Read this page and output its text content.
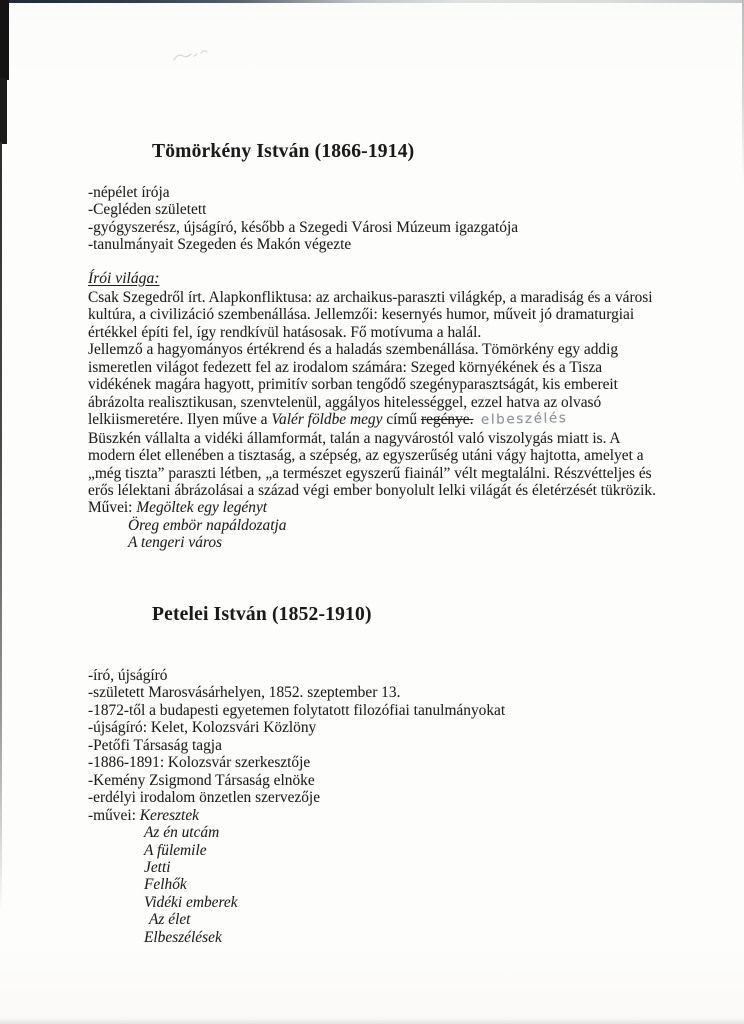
Tömörkény István (1866-1914)
-népélet írója
-Cegléden született
-gyógyszerész, újságíró, később a Szegedi Városi Múzeum igazgatója
-tanulmányait Szegeden és Makón végezte
Írói világa:
Csak Szegedről írt. Alapkonfliktusa: az archaikus-paraszti világkép, a maradiság és a városi
kultúra, a civilizáció szembenállása. Jellemzői: kesernyés humor, műveit jó dramaturgiai
értékkel építi fel, így rendkívül hatásosak. Fő motívuma a halál.
Jellemző a hagyományos értékrend és a haladás szembenállása. Tömörkény egy addig
ismeretlen világot fedezett fel az irodalom számára: Szeged környékének és a Tisza
vidékének magára hagyott, primitív sorban tengődő szegényparasztságát, kis embereit
ábrázolta realisztikusan, szenvtelenül, aggályos hitelességgel, ezzel hatva az olvasó
lelkiismeretére. Ilyen műve a Valér földbe megy című regénye. elbeszélés
Büszkén vállalta a vidéki államformát, talán a nagyvárostól való viszolygás miatt is. A
modern élet ellenében a tisztaság, a szépség, az egyszerűség utáni vágy hajtotta, amelyet a
„még tiszta” paraszti létben, „a természet egyszerű fiainál” vélt megtalálni. Részvétteljes és
erős lélektani ábrázolásai a század végi ember bonyolult lelki világát és életérzését tükrözik.
Művei: Megöltek egy legényt
Öreg embör napáldozatja
A tengeri város
Petelei István (1852-1910)
-író, újságíró
-született Marosvásárhelyen, 1852. szeptember 13.
-1872-től a budapesti egyetemen folytatott filozófiai tanulmányokat
-újságíró: Kelet, Kolozsvári Közlöny
-Petőfi Társaság tagja
-1886-1891: Kolozsvár szerkesztője
-Kemény Zsigmond Társaság elnöke
-erdélyi irodalom önzetlen szervezője
-művei: Keresztek
Az én utcám
A fülemile
Jetti
Felhők
Vidéki emberek
Az élet
Elbeszélések
